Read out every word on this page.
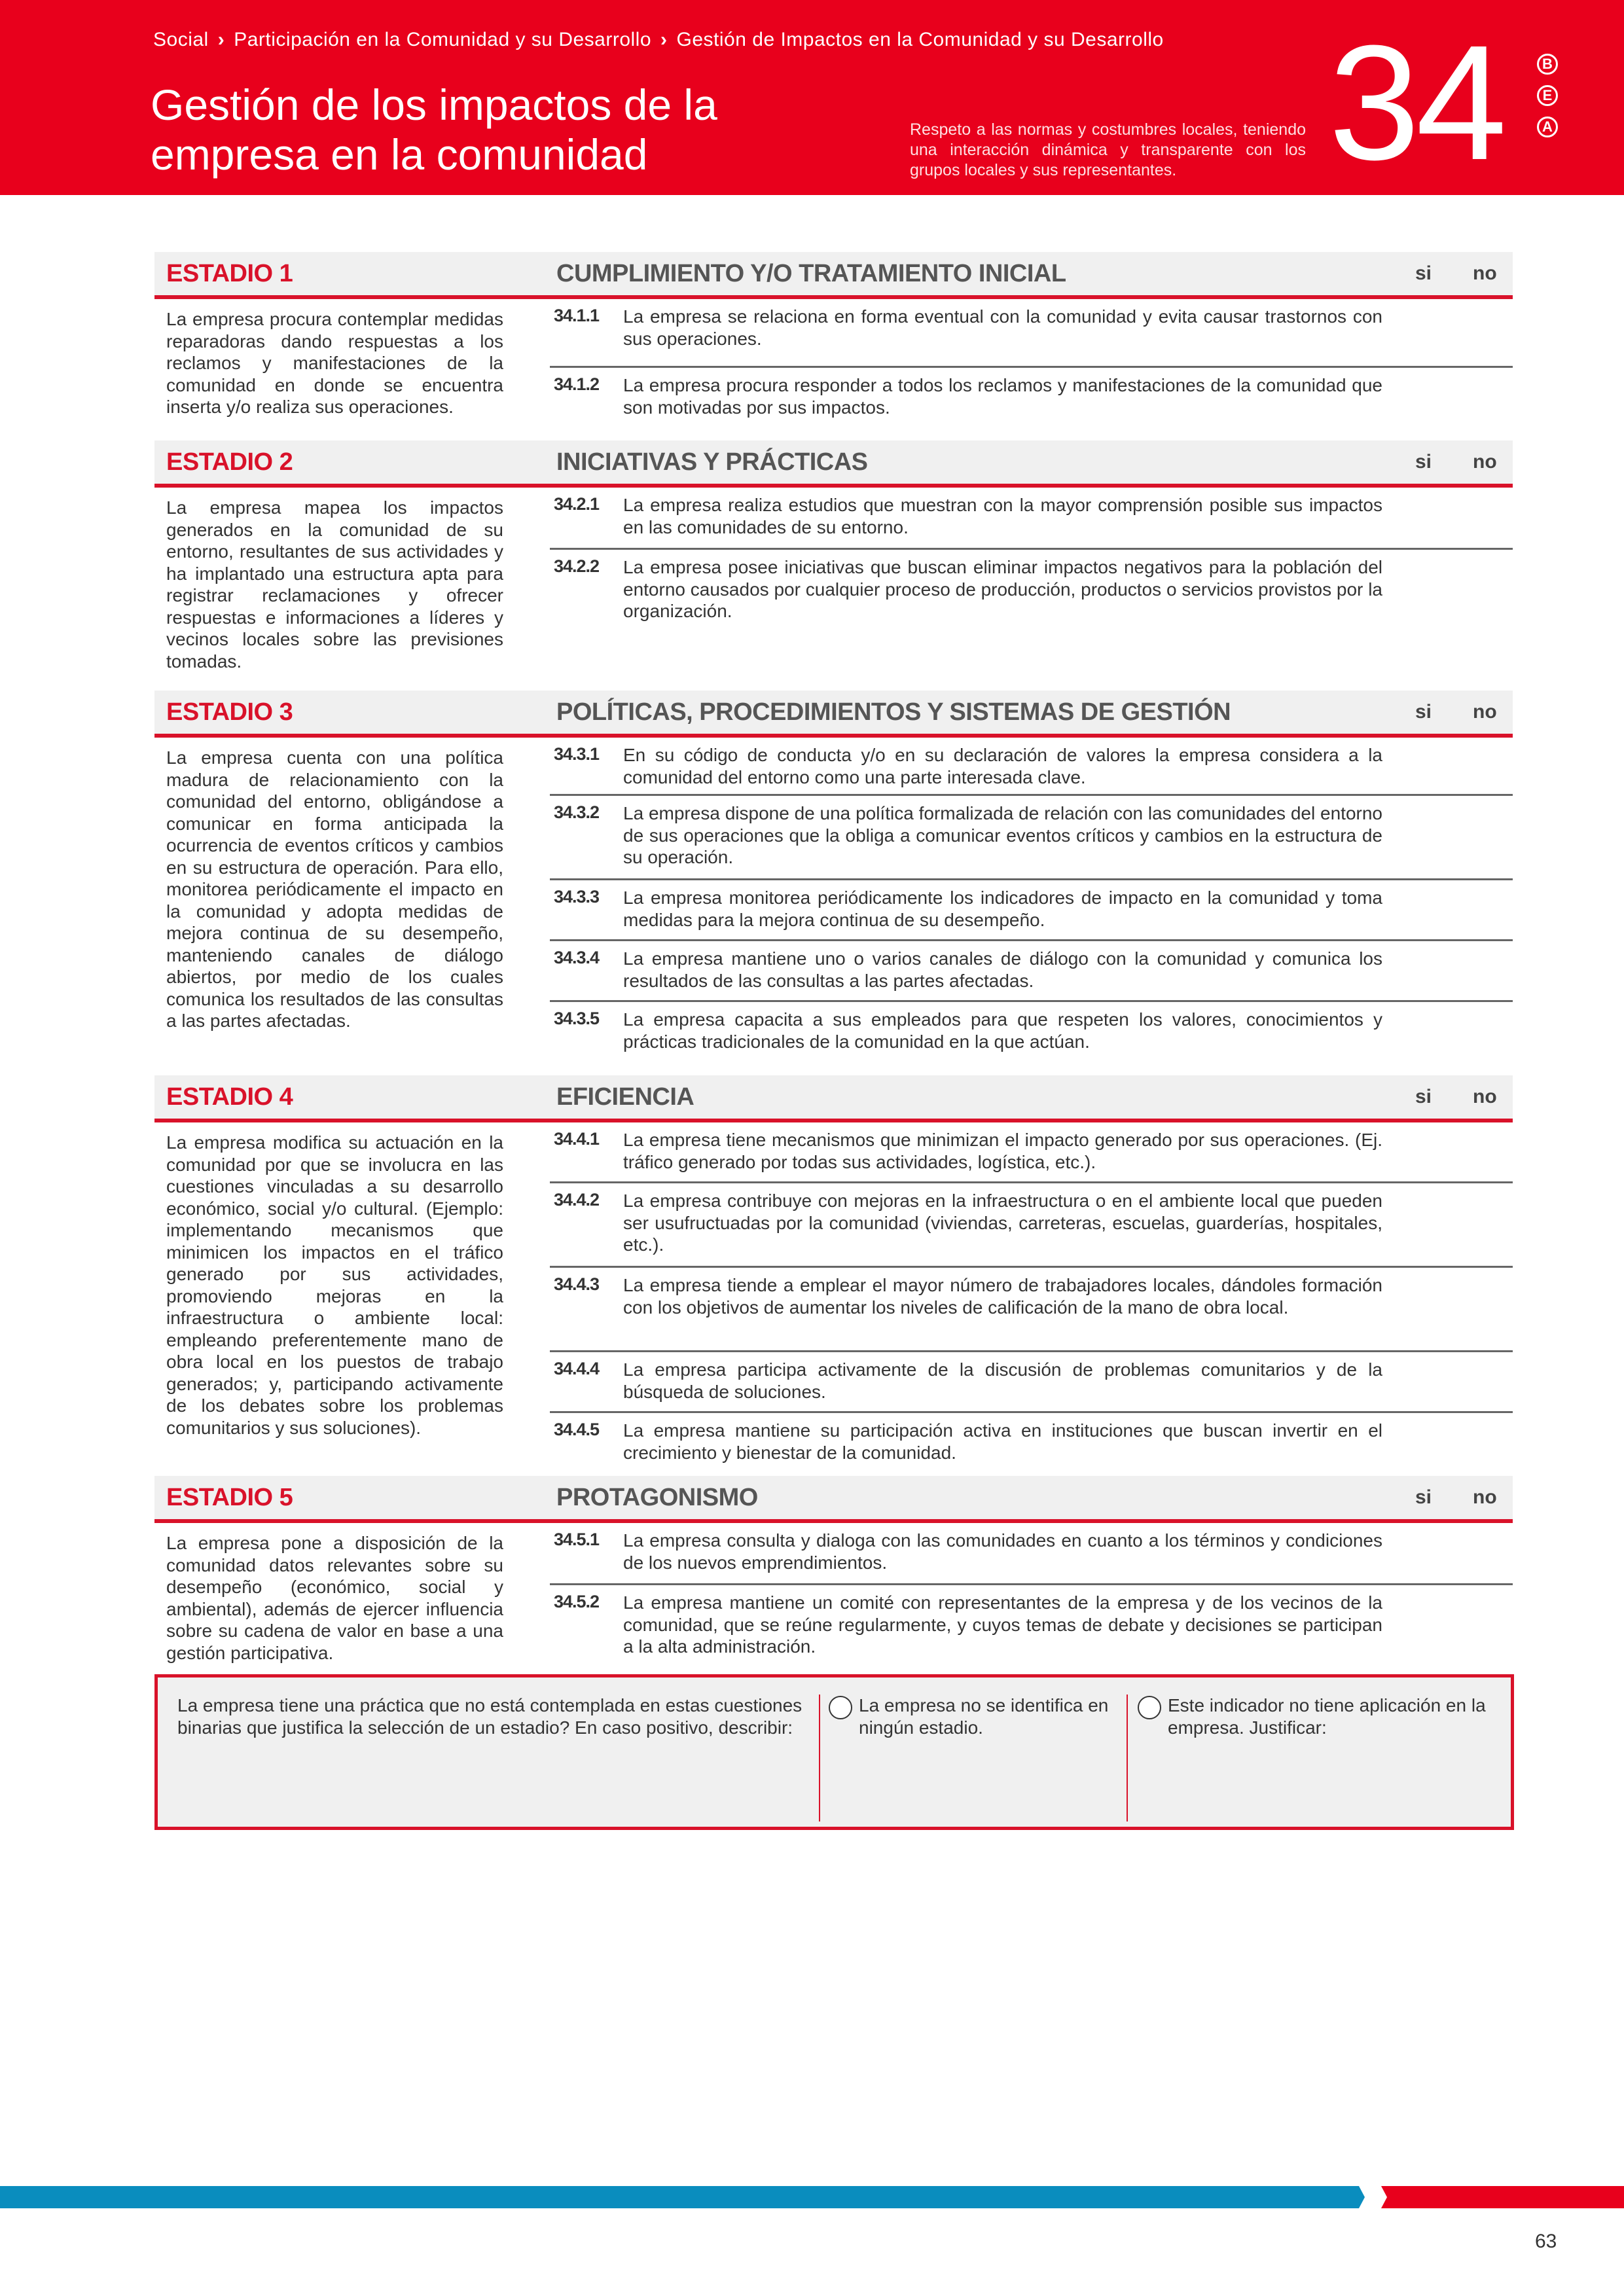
Social › Participación en la Comunidad y su Desarrollo › Gestión de Impactos en la Comunidad y su Desarrollo
Gestión de los impactos de la empresa en la comunidad
Respeto a las normas y costumbres locales, teniendo una interacción dinámica y transparente con los grupos locales y sus representantes. 34	B
E
A
ESTADIO 1	CUMPLIMIENTO Y/O TRATAMIENTO INICIAL	si no
La empresa procura contemplar medidas reparadoras dando respuestas a los reclamos y manifestaciones de la comunidad en donde se encuentra inserta y/o realiza sus operaciones.
34.1.1 La empresa se relaciona en forma eventual con la comunidad y evita causar trastornos con sus operaciones.
34.1.2 La empresa procura responder a todos los reclamos y manifestaciones de la comunidad que son motivadas por sus impactos.
ESTADIO 2	INICIATIVAS Y PRÁCTICAS	si no
La empresa mapea los impactos generados en la comunidad de su entorno, resultantes de sus actividades y ha implantado una estructura apta para registrar reclamaciones y ofrecer respuestas e informaciones a líderes y vecinos locales sobre las previsiones tomadas.
34.2.1 La empresa realiza estudios que muestran con la mayor comprensión posible sus impactos en las comunidades de su entorno.
34.2.2 La empresa posee iniciativas que buscan eliminar impactos negativos para la población del entorno causados por cualquier proceso de producción, productos o servicios provistos por la organización.
ESTADIO 3	POLÍTICAS, PROCEDIMIENTOS Y SISTEMAS DE GESTIÓN	si no
La empresa cuenta con una política madura de relacionamiento con la comunidad del entorno, obligándose a comunicar en forma anticipada la ocurrencia de eventos críticos y cambios en su estructura de operación. Para ello, monitorea periódicamente el impacto en la comunidad y adopta medidas de mejora continua de su desempeño, manteniendo canales de diálogo abiertos, por medio de los cuales comunica los resultados de las consultas a las partes afectadas.
34.3.1 En su código de conducta y/o en su declaración de valores la empresa considera a la comunidad del entorno como una parte interesada clave.
34.3.2 La empresa dispone de una política formalizada de relación con las comunidades del entorno de sus operaciones que la obliga a comunicar eventos críticos y cambios en la estructura de su operación.
34.3.3 La empresa monitorea periódicamente los indicadores de impacto en la comunidad y toma medidas para la mejora continua de su desempeño.
34.3.4 La empresa mantiene uno o varios canales de diálogo con la comunidad y comunica los resultados de las consultas a las partes afectadas.
34.3.5 La empresa capacita a sus empleados para que respeten los valores, conocimientos y prácticas tradicionales de la comunidad en la que actúan.
ESTADIO 4	EFICIENCIA	si no
La empresa modifica su actuación en la comunidad por que se involucra en las cuestiones vinculadas a su desarrollo económico, social y/o cultural. (Ejemplo: implementando mecanismos que minimicen los impactos en el tráfico generado por sus actividades, promoviendo mejoras en la infraestructura o ambiente local: empleando preferentemente mano de obra local en los puestos de trabajo generados; y, participando activamente de los debates sobre los problemas comunitarios y sus soluciones).
34.4.1 La empresa tiene mecanismos que minimizan el impacto generado por sus operaciones. (Ej. tráfico generado por todas sus actividades, logística, etc.).
34.4.2 La empresa contribuye con mejoras en la infraestructura o en el ambiente local que pueden ser usufructuadas por la comunidad (viviendas, carreteras, escuelas, guarderías, hospitales, etc.).
34.4.3 La empresa tiende a emplear el mayor número de trabajadores locales, dándoles formación con los objetivos de aumentar los niveles de calificación de la mano de obra local.
34.4.4 La empresa participa activamente de la discusión de problemas comunitarios y de la búsqueda de soluciones.
34.4.5 La empresa mantiene su participación activa en instituciones que buscan invertir en el crecimiento y bienestar de la comunidad.
ESTADIO 5	PROTAGONISMO	si no
La empresa pone a disposición de la comunidad datos relevantes sobre su desempeño (económico, social y ambiental), además de ejercer influencia sobre su cadena de valor en base a una gestión participativa.
34.5.1 La empresa consulta y dialoga con las comunidades en cuanto a los términos y condiciones de los nuevos emprendimientos.
34.5.2 La empresa mantiene un comité con representantes de la empresa y de los vecinos de la comunidad, que se reúne regularmente, y cuyos temas de debate y decisiones se participan a la alta administración.
La empresa tiene una práctica que no está contemplada en estas cuestiones binarias que justifica la selección de un estadio? En caso positivo, describir:
La empresa no se identifica en ningún estadio.
Este indicador no tiene aplicación en la empresa. Justificar:
63
